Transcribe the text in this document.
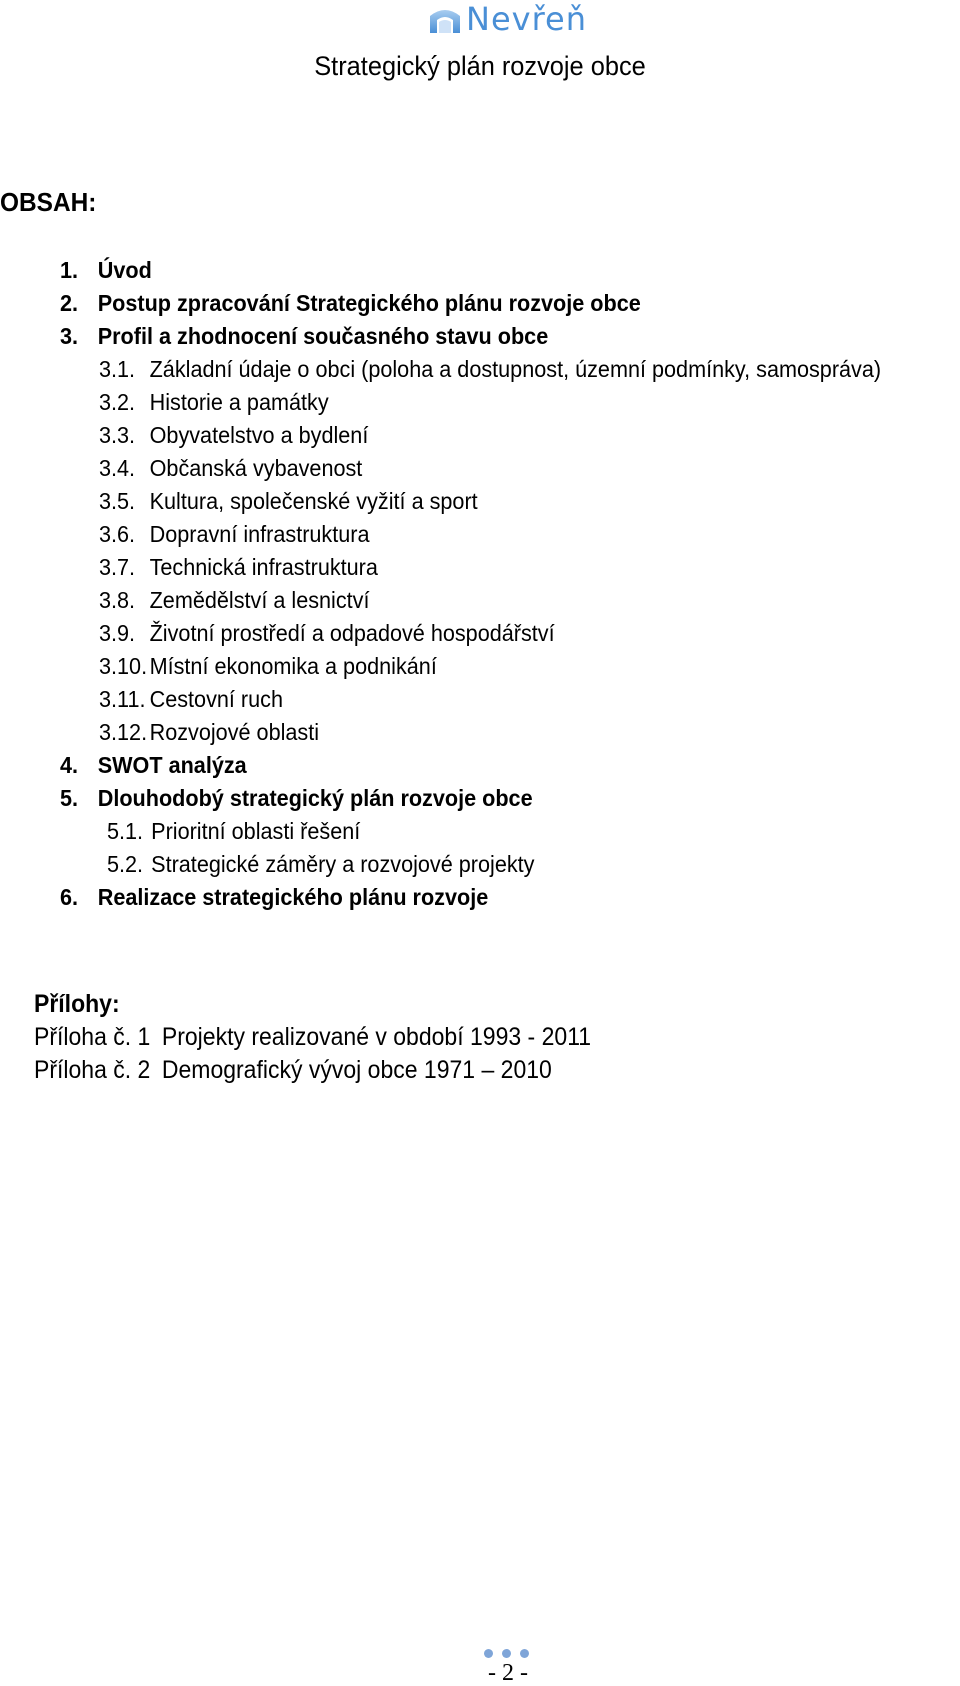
Nevřeň
Strategický plán rozvoje obce
OBSAH:
1. Úvod
2. Postup zpracování Strategického plánu rozvoje obce
3. Profil a zhodnocení současného stavu obce
3.1. Základní údaje o obci (poloha a dostupnost, územní podmínky, samospráva)
3.2. Historie a památky
3.3. Obyvatelstvo a bydlení
3.4. Občanská vybavenost
3.5. Kultura, společenské vyžití a sport
3.6. Dopravní infrastruktura
3.7. Technická infrastruktura
3.8. Zemědělství a lesnictví
3.9. Životní prostředí a odpadové hospodářství
3.10. Místní ekonomika a podnikání
3.11. Cestovní ruch
3.12. Rozvojové oblasti
4. SWOT analýza
5. Dlouhodobý strategický plán rozvoje obce
5.1. Prioritní oblasti řešení
5.2. Strategické záměry a rozvojové projekty
6. Realizace strategického plánu rozvoje
Přílohy:
Příloha č. 1 Projekty realizované v období 1993 - 2011
Příloha č. 2 Demografický vývoj obce 1971 – 2010
- 2 -
